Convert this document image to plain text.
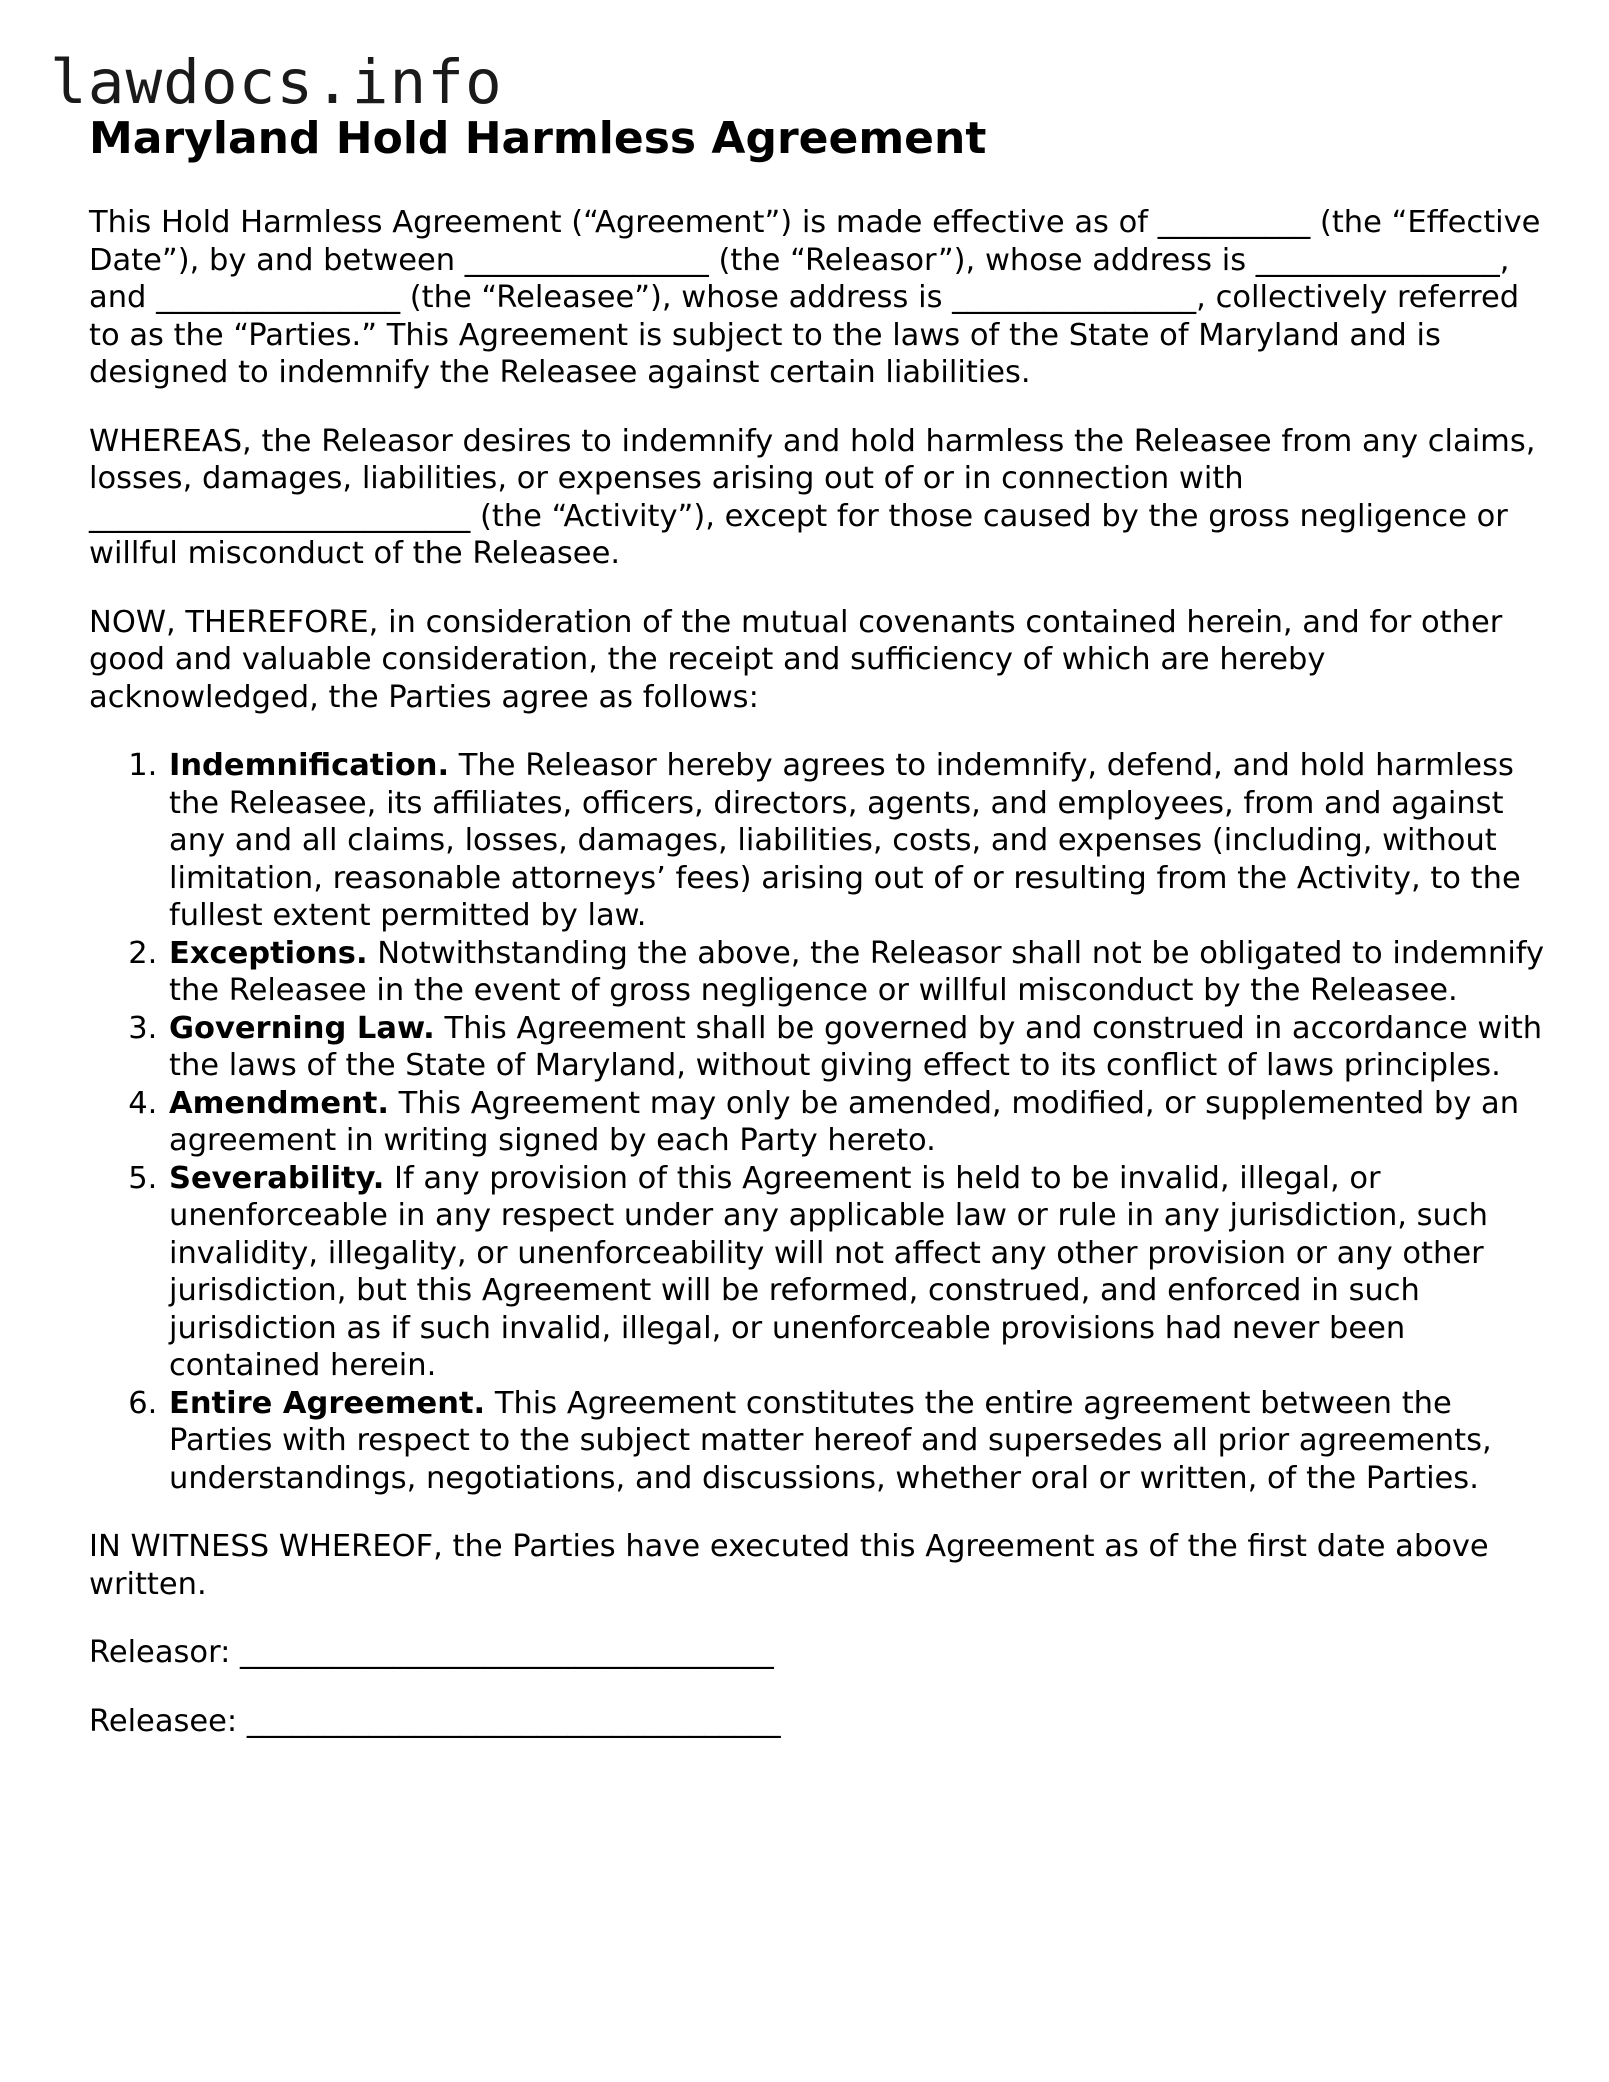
lawdocs.info
Maryland Hold Harmless Agreement

This Hold Harmless Agreement (“Agreement”) is made effective as of __________ (the “Effective Date”), by and between ________________ (the “Releasor”), whose address is ________________, and ________________ (the “Releasee”), whose address is ________________, collectively referred to as the “Parties.” This Agreement is subject to the laws of the State of Maryland and is designed to indemnify the Releasee against certain liabilities.

WHEREAS, the Releasor desires to indemnify and hold harmless the Releasee from any claims, losses, damages, liabilities, or expenses arising out of or in connection with _________________________ (the “Activity”), except for those caused by the gross negligence or willful misconduct of the Releasee.

NOW, THEREFORE, in consideration of the mutual covenants contained herein, and for other good and valuable consideration, the receipt and sufficiency of which are hereby acknowledged, the Parties agree as follows:

1. Indemnification. The Releasor hereby agrees to indemnify, defend, and hold harmless the Releasee, its affiliates, officers, directors, agents, and employees, from and against any and all claims, losses, damages, liabilities, costs, and expenses (including, without limitation, reasonable attorneys’ fees) arising out of or resulting from the Activity, to the fullest extent permitted by law.
2. Exceptions. Notwithstanding the above, the Releasor shall not be obligated to indemnify the Releasee in the event of gross negligence or willful misconduct by the Releasee.
3. Governing Law. This Agreement shall be governed by and construed in accordance with the laws of the State of Maryland, without giving effect to its conflict of laws principles.
4. Amendment. This Agreement may only be amended, modified, or supplemented by an agreement in writing signed by each Party hereto.
5. Severability. If any provision of this Agreement is held to be invalid, illegal, or unenforceable in any respect under any applicable law or rule in any jurisdiction, such invalidity, illegality, or unenforceability will not affect any other provision or any other jurisdiction, but this Agreement will be reformed, construed, and enforced in such jurisdiction as if such invalid, illegal, or unenforceable provisions had never been contained herein.
6. Entire Agreement. This Agreement constitutes the entire agreement between the Parties with respect to the subject matter hereof and supersedes all prior agreements, understandings, negotiations, and discussions, whether oral or written, of the Parties.

IN WITNESS WHEREOF, the Parties have executed this Agreement as of the first date above written.

Releasor: ___________________________________
Releasee: ___________________________________
